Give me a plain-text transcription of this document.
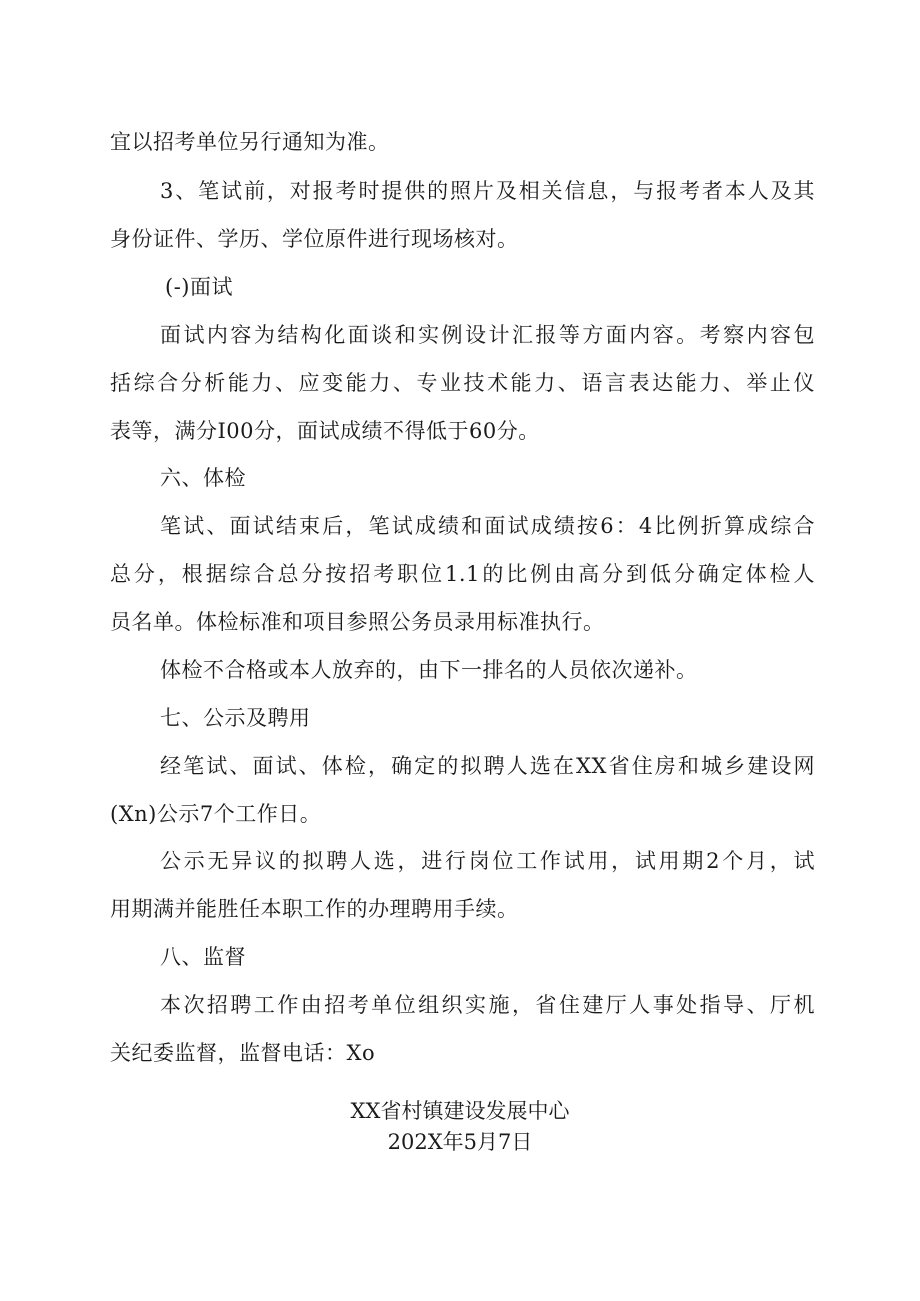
宜以招考单位另行通知为准。
3、笔试前，对报考时提供的照片及相关信息，与报考者本人及其
身份证件、学历、学位原件进行现场核对。
(-)面试
面试内容为结构化面谈和实例设计汇报等方面内容。考察内容包
括综合分析能力、应变能力、专业技术能力、语言表达能力、举止仪
表等，满分I00分，面试成绩不得低于60分。
六、体检
笔试、面试结束后，笔试成绩和面试成绩按6：4比例折算成综合
总分，根据综合总分按招考职位1.1的比例由高分到低分确定体检人
员名单。体检标准和项目参照公务员录用标准执行。
体检不合格或本人放弃的，由下一排名的人员依次递补。
七、公示及聘用
经笔试、面试、体检，确定的拟聘人选在XX省住房和城乡建设网
(Xn)公示7个工作日。
公示无异议的拟聘人选，进行岗位工作试用，试用期2个月，试
用期满并能胜任本职工作的办理聘用手续。
八、监督
本次招聘工作由招考单位组织实施，省住建厅人事处指导、厅机
关纪委监督，监督电话：Xo
XX省村镇建设发展中心
202X年5月7日
